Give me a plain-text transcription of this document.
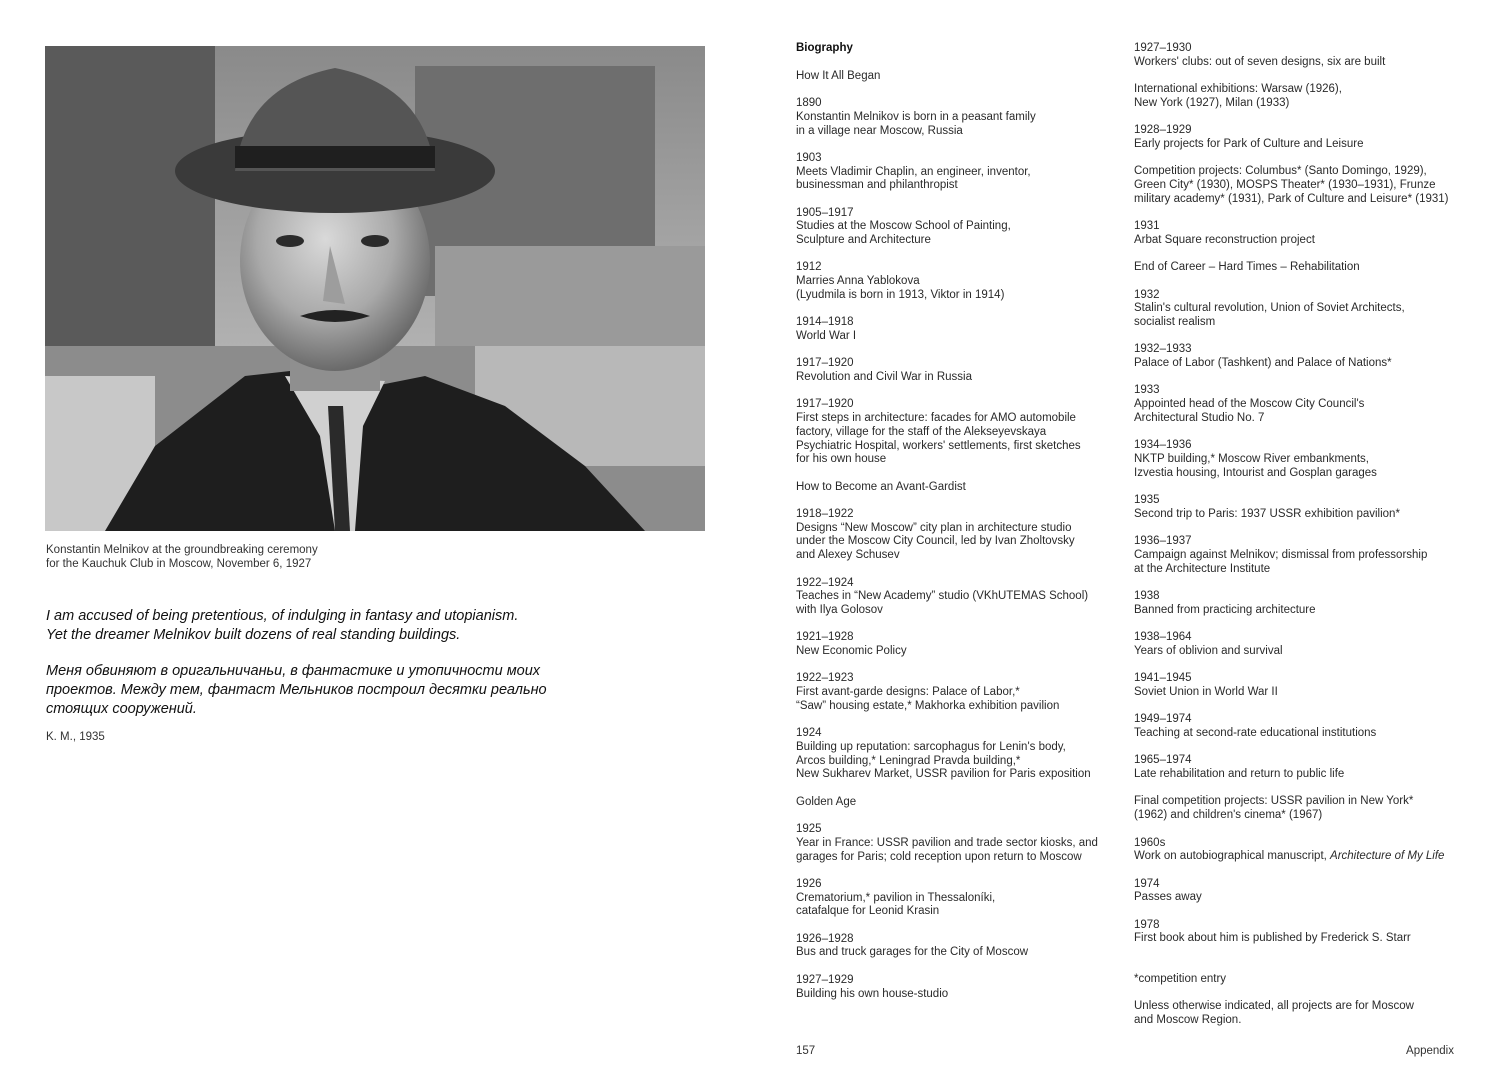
Konstantin Melnikov at the groundbreaking ceremony
for the Kauchuk Club in Moscow, November 6, 1927
I am accused of being pretentious, of indulging in fantasy and utopianism.
Yet the dreamer Melnikov built dozens of real standing buildings.
Меня обвиняют в оригальничаньи, в фантастике и утопичности моих
проектов. Между тем, фантаст Мельников построил десятки реально
стоящих сооружений.
K. M., 1935
Biography
How It All Began
1890
Konstantin Melnikov is born in a peasant family
in a village near Moscow, Russia
1903
Meets Vladimir Chaplin, an engineer, inventor,
businessman and philanthropist
1905–1917
Studies at the Moscow School of Painting,
Sculpture and Architecture
1912
Marries Anna Yablokova
(Lyudmila is born in 1913, Viktor in 1914)
1914–1918
World War I
1917–1920
Revolution and Civil War in Russia
1917–1920
First steps in architecture: facades for AMO automobile
factory, village for the staff of the Alekseyevskaya
Psychiatric Hospital, workers' settlements, first sketches
for his own house
How to Become an Avant-Gardist
1918–1922
Designs “New Moscow” city plan in architecture studio
under the Moscow City Council, led by Ivan Zholtovsky
and Alexey Schusev
1922–1924
Teaches in “New Academy” studio (VKhUTEMAS School)
with Ilya Golosov
1921–1928
New Economic Policy
1922–1923
First avant-garde designs: Palace of Labor,*
“Saw” housing estate,* Makhorka exhibition pavilion
1924
Building up reputation: sarcophagus for Lenin's body,
Arcos building,* Leningrad Pravda building,*
New Sukharev Market, USSR pavilion for Paris exposition
Golden Age
1925
Year in France: USSR pavilion and trade sector kiosks, and
garages for Paris; cold reception upon return to Moscow
1926
Crematorium,* pavilion in Thessaloníki,
catafalque for Leonid Krasin
1926–1928
Bus and truck garages for the City of Moscow
1927–1929
Building his own house-studio
1927–1930
Workers' clubs: out of seven designs, six are built
International exhibitions: Warsaw (1926),
New York (1927), Milan (1933)
1928–1929
Early projects for Park of Culture and Leisure
Competition projects: Columbus* (Santo Domingo, 1929),
Green City* (1930), MOSPS Theater* (1930–1931), Frunze
military academy* (1931), Park of Culture and Leisure* (1931)
1931
Arbat Square reconstruction project
End of Career – Hard Times – Rehabilitation
1932
Stalin's cultural revolution, Union of Soviet Architects,
socialist realism
1932–1933
Palace of Labor (Tashkent) and Palace of Nations*
1933
Appointed head of the Moscow City Council's
Architectural Studio No. 7
1934–1936
NKTP building,* Moscow River embankments,
Izvestia housing, Intourist and Gosplan garages
1935
Second trip to Paris: 1937 USSR exhibition pavilion*
1936–1937
Campaign against Melnikov; dismissal from professorship
at the Architecture Institute
1938
Banned from practicing architecture
1938–1964
Years of oblivion and survival
1941–1945
Soviet Union in World War II
1949–1974
Teaching at second-rate educational institutions
1965–1974
Late rehabilitation and return to public life
Final competition projects: USSR pavilion in New York*
(1962) and children's cinema* (1967)
1960s
Work on autobiographical manuscript, Architecture of My Life
1974
Passes away
1978
First book about him is published by Frederick S. Starr
*competition entry
Unless otherwise indicated, all projects are for Moscow
and Moscow Region.
157	Appendix
